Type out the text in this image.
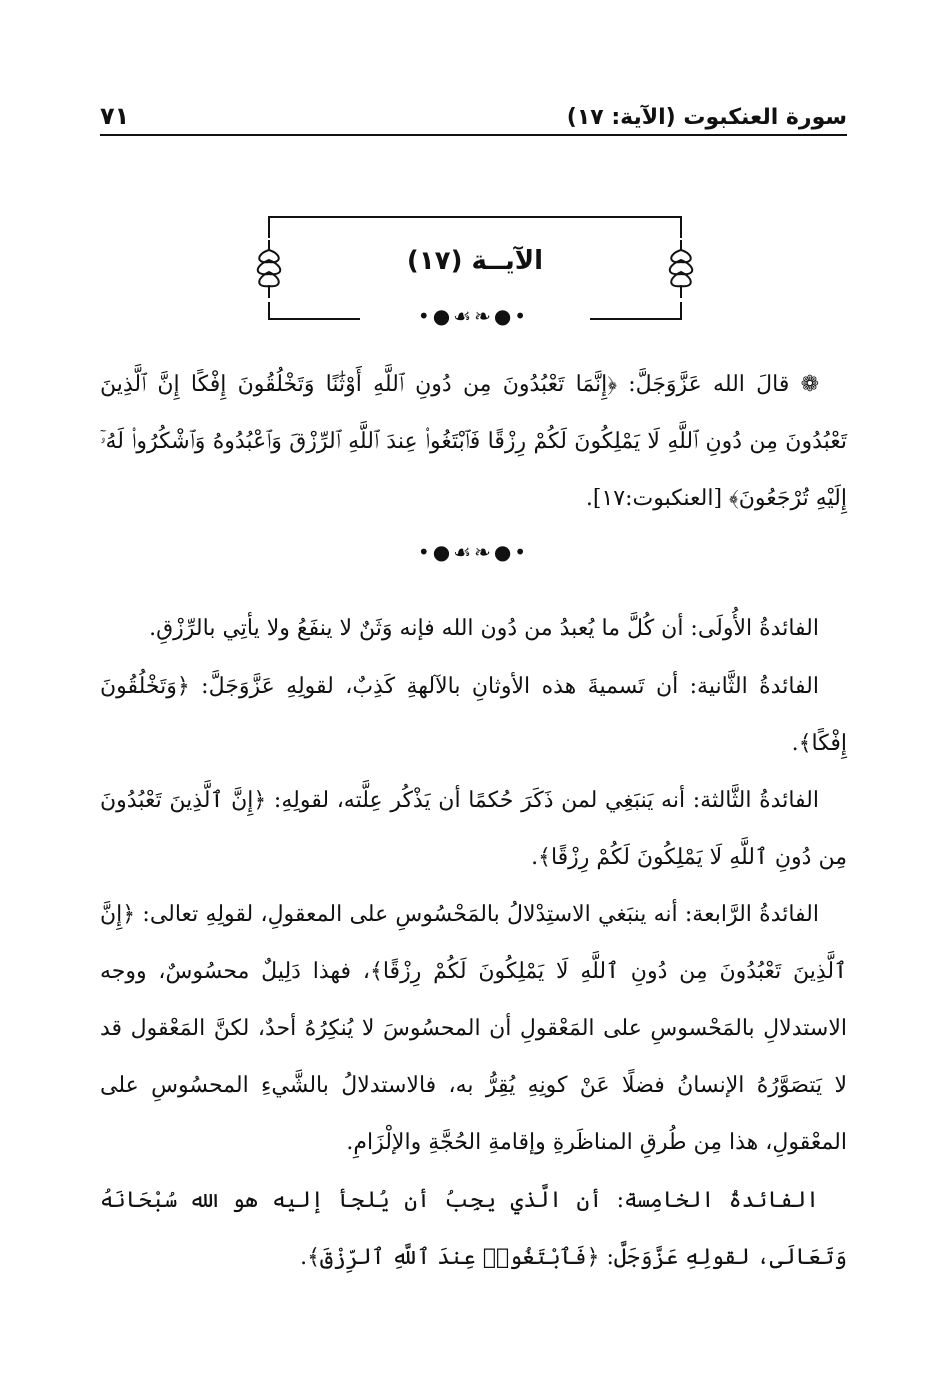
سورة العنكبوت (الآية: ١٧)
٧١
الآيــة (١٧)
•●☙❧●•

❁ قالَ الله عَزَّوَجَلَّ: ﴿إِنَّمَا تَعْبُدُونَ مِن دُونِ ٱللَّهِ أَوْثَٰنًا وَتَخْلُقُونَ إِفْكًا إِنَّ ٱلَّذِينَ تَعْبُدُونَ مِن دُونِ ٱللَّهِ لَا يَمْلِكُونَ لَكُمْ رِزْقًا فَٱبْتَغُوا۟ عِندَ ٱللَّهِ ٱلرِّزْقَ وَٱعْبُدُوهُ وَٱشْكُرُوا۟ لَهُۥٓ إِلَيْهِ تُرْجَعُونَ﴾ [العنكبوت:١٧].

•●☙❧●•

الفائدةُ الأُولَى: أن كُلَّ ما يُعبدُ من دُون الله فإنه وَثَنٌ لا ينفَعُ ولا يأتِي بالرِّزْقِ.

الفائدةُ الثَّانية: أن تَسميةَ هذه الأوثانِ بالآلهةِ كَذِبٌ، لقولِهِ عَزَّوَجَلَّ: ﴿وَتَخْلُقُونَ إِفْكًا﴾.

الفائدةُ الثَّالثة: أنه يَنبَغِي لمن ذَكَرَ حُكمًا أن يَذْكُر عِلَّته، لقولِهِ: ﴿إِنَّ ٱلَّذِينَ تَعْبُدُونَ مِن دُونِ ٱللَّهِ لَا يَمْلِكُونَ لَكُمْ رِزْقًا﴾.

الفائدةُ الرَّابعة: أنه ينبَغي الاستِدْلالُ بالمَحْسُوسِ على المعقولِ، لقولِهِ تعالى: ﴿إِنَّ ٱلَّذِينَ تَعْبُدُونَ مِن دُونِ ٱللَّهِ لَا يَمْلِكُونَ لَكُمْ رِزْقًا﴾، فهذا دَلِيلٌ محسُوسٌ، ووجه الاستدلالِ بالمَحْسوسِ على المَعْقولِ أن المحسُوسَ لا يُنكِرُهُ أحدٌ، لكنَّ المَعْقول قد لا يَتصَوَّرُهُ الإنسانُ فضلًا عَنْ كونِهِ يُقِرُّ به، فالاستدلالُ بالشَّيءِ المحسُوسِ على المعْقولِ، هذا مِن طُرقِ المناظَرةِ وإقامةِ الحُجَّةِ والإلْزَامِ.

الفائدةُ الخامِسة: أن الَّذي يجِبُ أن يُلجأ إليه هو الله سُبْحَانَهُ وَتَعَالَى، لقولِهِ عَزَّوَجَلَّ: ﴿فَٱبْتَغُوا۟ عِندَ ٱللَّهِ ٱلرِّزْقَ﴾.
